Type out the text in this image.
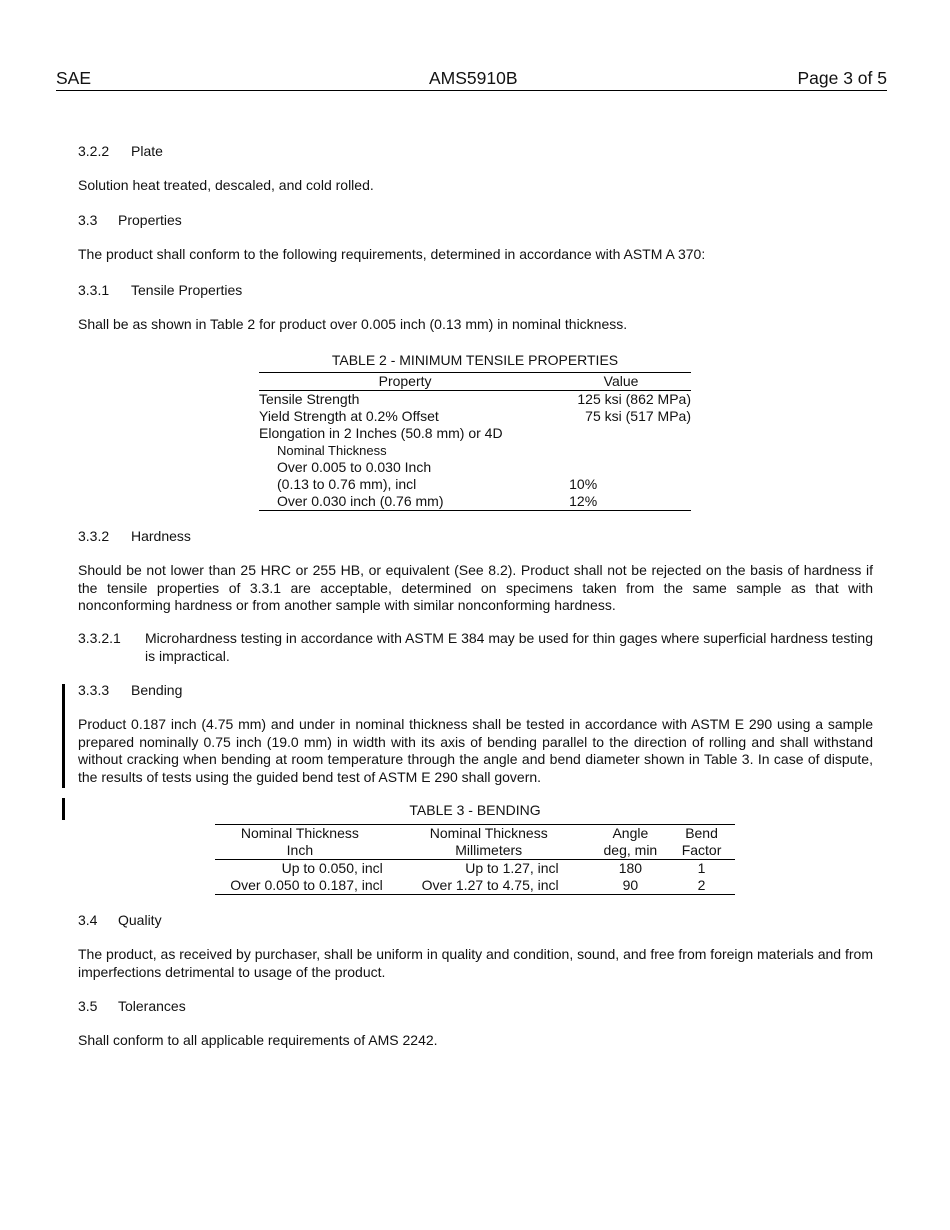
SAE	AMS5910B	Page 3 of 5
3.2.2 Plate
Solution heat treated, descaled, and cold rolled.
3.3 Properties
The product shall conform to the following requirements, determined in accordance with ASTM A 370:
3.3.1 Tensile Properties
Shall be as shown in Table 2 for product over 0.005 inch (0.13 mm) in nominal thickness.
TABLE 2 - MINIMUM TENSILE PROPERTIES
Property	Value
Tensile Strength	125 ksi (862 MPa)
Yield Strength at 0.2% Offset	75 ksi (517 MPa)
Elongation in 2 Inches (50.8 mm) or 4D	
Nominal Thickness	
Over 0.005 to 0.030 Inch	
(0.13 to 0.76 mm), incl	10%
Over 0.030 inch (0.76 mm)	12%
3.3.2 Hardness
Should be not lower than 25 HRC or 255 HB, or equivalent (See 8.2). Product shall not be rejected on the basis of hardness if the tensile properties of 3.3.1 are acceptable, determined on specimens taken from the same sample as that with nonconforming hardness or from another sample with similar nonconforming hardness.
3.3.2.1	Microhardness testing in accordance with ASTM E 384 may be used for thin gages where superficial hardness testing is impractical.
3.3.3 Bending
Product 0.187 inch (4.75 mm) and under in nominal thickness shall be tested in accordance with ASTM E 290 using a sample prepared nominally 0.75 inch (19.0 mm) in width with its axis of bending parallel to the direction of rolling and shall withstand without cracking when bending at room temperature through the angle and bend diameter shown in Table 3. In case of dispute, the results of tests using the guided bend test of ASTM E 290 shall govern.
TABLE 3 - BENDING
Nominal Thickness	Nominal Thickness	Angle	Bend
Inch	Millimeters	deg, min	Factor
Up to 0.050, incl	Up to 1.27, incl	180	1
Over 0.050 to 0.187, incl	Over 1.27 to 4.75, incl	90	2
3.4 Quality
The product, as received by purchaser, shall be uniform in quality and condition, sound, and free from foreign materials and from imperfections detrimental to usage of the product.
3.5 Tolerances
Shall conform to all applicable requirements of AMS 2242.
